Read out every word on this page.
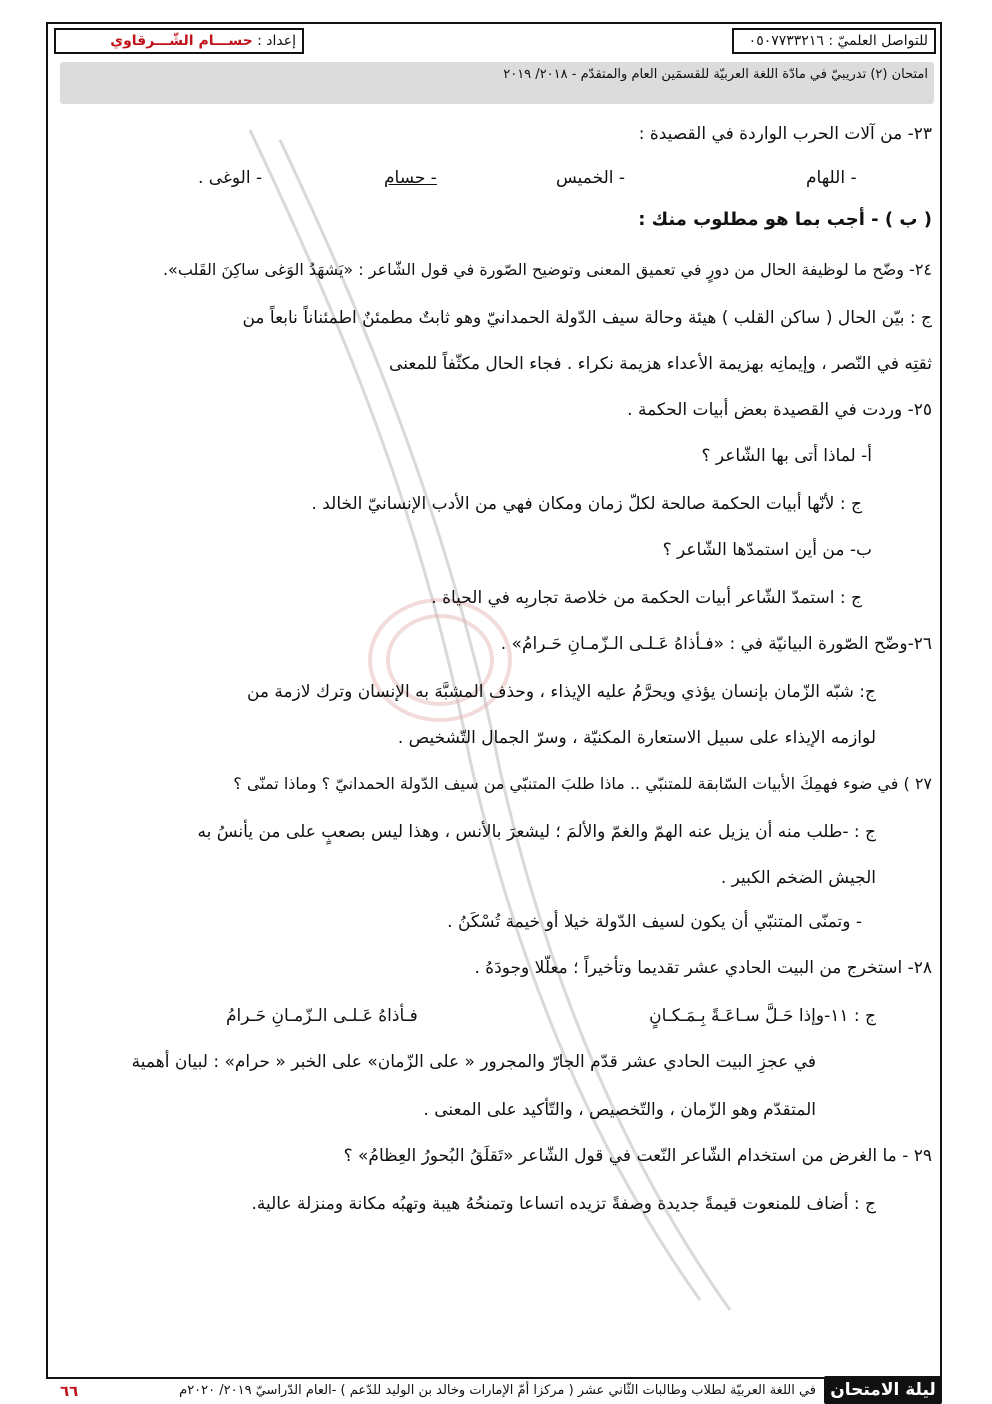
للتواصل العلميّ : ٠٥٠٧٧٣٣٢١٦
إعداد : حســـام الشّـــرقاوي
امتحان (٢) تدريبيّ في مادّة اللغة العربيّة للقسمَين العام والمتقدّم - ٢٠١٨/ ٢٠١٩
٢٣- من آلات الحرب الواردة في القصيدة :
- اللهام
- الخميس
- حسام
- الوغى .
( ب ) - أجب بما هو مطلوب منك :
٢٤- وضّح ما لوظيفة الحال من دورٍ في تعميق المعنى وتوضيح الصّورة في قول الشّاعر : «يَشهَدُ الوَغى ساكِنَ القَلب».
ج : بيّن الحال ( ساكن القلب ) هيئة وحالة سيف الدّولة الحمدانيّ وهو ثابتٌ مطمئنٌ اطمئناناً نابعاً من
ثقتِه في النّصر ، وإيمانِه بهزيمة الأعداء هزيمة نكراء . فجاء الحال مكثّفاً للمعنى
٢٥- وردت في القصيدة بعض أبيات الحكمة .
أ- لماذا أتى بها الشّاعر ؟
ج : لأنّها أبيات الحكمة صالحة لكلّ زمان ومكان فهي من الأدب الإنسانيّ الخالد .
ب- من أين استمدّها الشّاعر ؟
ج : استمدّ الشّاعر أبيات الحكمة من خلاصة تجاربِه في الحياة .
٢٦-وضّح الصّورة البيانيّة في : «فـأذاهُ عَـلـى الـزّمـانِ حَـرامُ» .
ج: شبّه الزّمان بإنسان يؤذي ويحرَّمُ عليه الإيذاء ، وحذف المشبَّهَ به الإنسان وترك لازمة من
لوازمه الإيذاء على سبيل الاستعارة المكنيّة ، وسرّ الجمال التّشخيص .
٢٧ ) في ضوء فهمِكَ الأبيات السّابقة للمتنبّي .. ماذا طلبَ المتنبّي من سيف الدّولة الحمدانيّ ؟ وماذا تمنّى ؟
ج : -طلب منه أن يزيل عنه الهمّ والغمّ والألمَ ؛ ليشعرَ بالأنس ، وهذا ليس بصعبٍ على من يأنسُ به
الجيش الضخم الكبير .
- وتمنّى المتنبّي أن يكون لسيف الدّولة خيلا أو خيمة تُسْكَنُ .
٢٨- استخرج من البيت الحادي عشر تقديما وتأخيراً ؛ معلّلا وجودَهُ .
ج : ١١-وإذا حَـلَّ سـاعَـةً بِـمَـكـانٍ
فـأذاهُ عَـلـى الـزّمـانِ حَـرامُ
في عجزِ البيت الحادي عشر قدّم الجارّ والمجرور « على الزّمان» على الخبر « حرام» : لبيان أهمية
المتقدّم وهو الزّمان ، والتّخصيص ، والتّأكيد على المعنى .
٢٩ - ما الغرض من استخدام الشّاعر النّعت في قول الشّاعر «تَقلَقُ البُحورُ العِظامُ» ؟
ج : أضاف للمنعوت قيمةً جديدة وصفةً تزيده اتساعا وتمنحُهُ هيبة وتهبُه مكانة ومنزلة عالية.
ليلة الامتحان
في اللغة العربيّة لطلاب وطالبات الثّاني عشر ( مركزا أمّ الإمارات وخالد بن الوليد للدّعم ) -العام الدّراسيّ ٢٠١٩/ ٢٠٢٠م
٦٦
